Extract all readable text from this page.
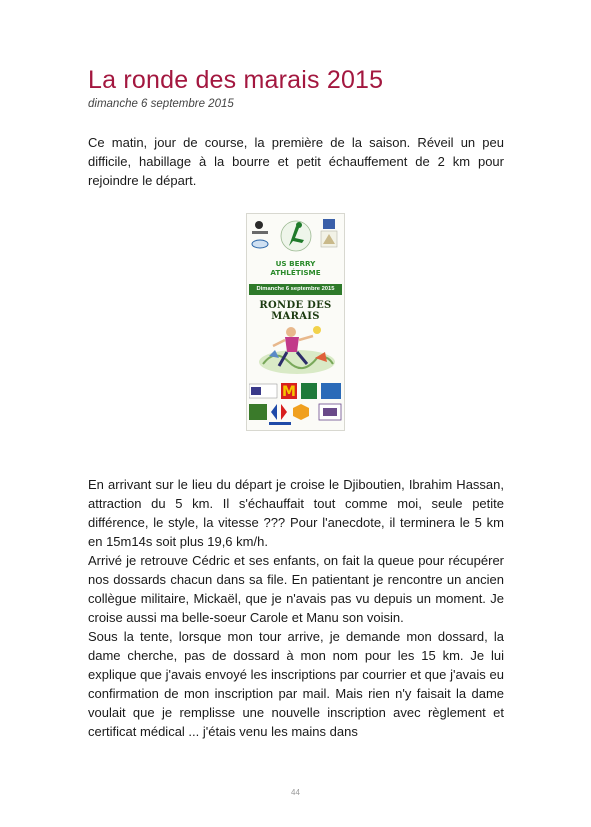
La ronde des marais 2015
dimanche 6 septembre 2015

Ce matin, jour de course, la première de la saison. Réveil un peu difficile, habillage à la bourre et petit échauffement de 2 km pour rejoindre le départ.

US BERRY
ATHLÉTISME
Dimanche 6 septembre 2015
RONDE DES MARAIS
M
En arrivant sur le lieu du départ je croise le Djiboutien, Ibrahim Hassan, attraction du 5 km. Il s'échauffait tout comme moi, seule petite différence, le style, la vitesse ??? Pour l'anecdote, il terminera le 5 km en 15m14s soit plus 19,6 km/h.
Arrivé je retrouve Cédric et ses enfants, on fait la queue pour récupérer nos dossards chacun dans sa file. En patientant je rencontre un ancien collègue militaire, Mickaël, que je n'avais pas vu depuis un moment. Je croise aussi ma belle-soeur Carole et Manu son voisin.
Sous la tente, lorsque mon tour arrive, je demande mon dossard, la dame cherche, pas de dossard à mon nom pour les 15 km. Je lui explique que j'avais envoyé les inscriptions par courrier et que j'avais eu confirmation de mon inscription par mail. Mais rien n'y faisait la dame voulait que je remplisse une nouvelle inscription avec règlement et certificat médical ... j'étais venu les mains dans
44
